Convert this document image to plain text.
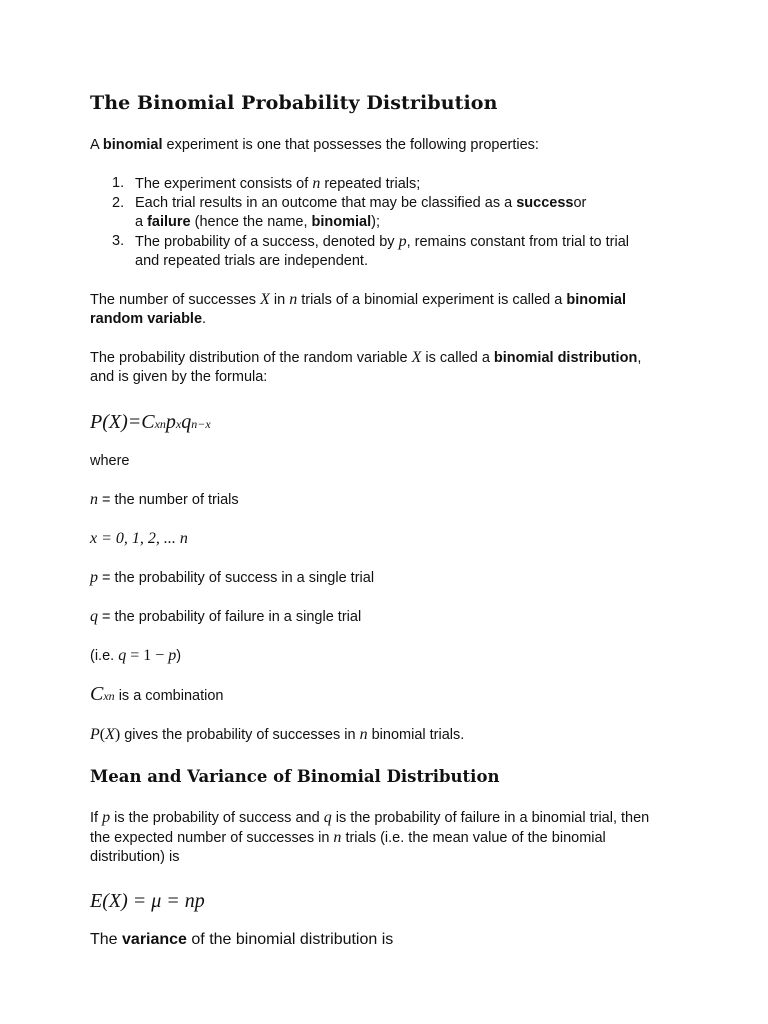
The Binomial Probability Distribution

A binomial experiment is one that possesses the following properties:

1. The experiment consists of n repeated trials;
2. Each trial results in an outcome that may be classified as a successor
a failure (hence the name, binomial);
3. The probability of a success, denoted by p, remains constant from trial to trial
and repeated trials are independent.

The number of successes X in n trials of a binomial experiment is called a binomial
random variable.

The probability distribution of the random variable X is called a binomial distribution,
and is given by the formula:

P(X)=Cxnpxqn−x

where

n = the number of trials

x = 0, 1, 2, ... n

p = the probability of success in a single trial

q = the probability of failure in a single trial

(i.e. q = 1 − p)

Cxn is a combination

P(X) gives the probability of successes in n binomial trials.

Mean and Variance of Binomial Distribution

If p is the probability of success and q is the probability of failure in a binomial trial, then
the expected number of successes in n trials (i.e. the mean value of the binomial
distribution) is

E(X) = μ = np

The variance of the binomial distribution is
